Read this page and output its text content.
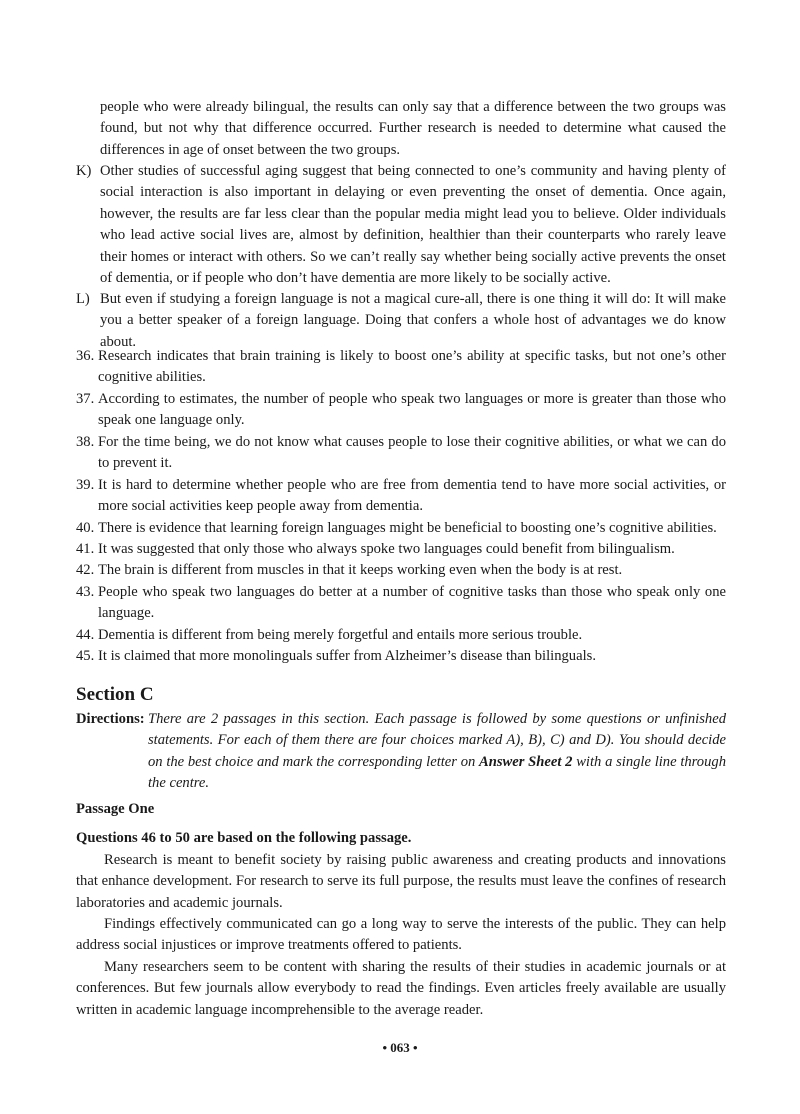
people who were already bilingual, the results can only say that a difference between the two groups was found, but not why that difference occurred. Further research is needed to determine what caused the differences in age of onset between the two groups.
K) Other studies of successful aging suggest that being connected to one’s community and having plenty of social interaction is also important in delaying or even preventing the onset of dementia. Once again, however, the results are far less clear than the popular media might lead you to believe. Older individuals who lead active social lives are, almost by definition, healthier than their counterparts who rarely leave their homes or interact with others. So we can’t really say whether being socially active prevents the onset of dementia, or if people who don’t have dementia are more likely to be socially active.
L) But even if studying a foreign language is not a magical cure-all, there is one thing it will do: It will make you a better speaker of a foreign language. Doing that confers a whole host of advantages we do know about.
36. Research indicates that brain training is likely to boost one’s ability at specific tasks, but not one’s other cognitive abilities.
37. According to estimates, the number of people who speak two languages or more is greater than those who speak one language only.
38. For the time being, we do not know what causes people to lose their cognitive abilities, or what we can do to prevent it.
39. It is hard to determine whether people who are free from dementia tend to have more social activities, or more social activities keep people away from dementia.
40. There is evidence that learning foreign languages might be beneficial to boosting one’s cognitive abilities.
41. It was suggested that only those who always spoke two languages could benefit from bilingualism.
42. The brain is different from muscles in that it keeps working even when the body is at rest.
43. People who speak two languages do better at a number of cognitive tasks than those who speak only one language.
44. Dementia is different from being merely forgetful and entails more serious trouble.
45. It is claimed that more monolinguals suffer from Alzheimer’s disease than bilinguals.
Section C
Directions: There are 2 passages in this section. Each passage is followed by some questions or unfinished statements. For each of them there are four choices marked A), B), C) and D). You should decide on the best choice and mark the corresponding letter on Answer Sheet 2 with a single line through the centre.
Passage One
Questions 46 to 50 are based on the following passage.
Research is meant to benefit society by raising public awareness and creating products and innovations that enhance development. For research to serve its full purpose, the results must leave the confines of research laboratories and academic journals.
Findings effectively communicated can go a long way to serve the interests of the public. They can help address social injustices or improve treatments offered to patients.
Many researchers seem to be content with sharing the results of their studies in academic journals or at conferences. But few journals allow everybody to read the findings. Even articles freely available are usually written in academic language incomprehensible to the average reader.
• 063 •
